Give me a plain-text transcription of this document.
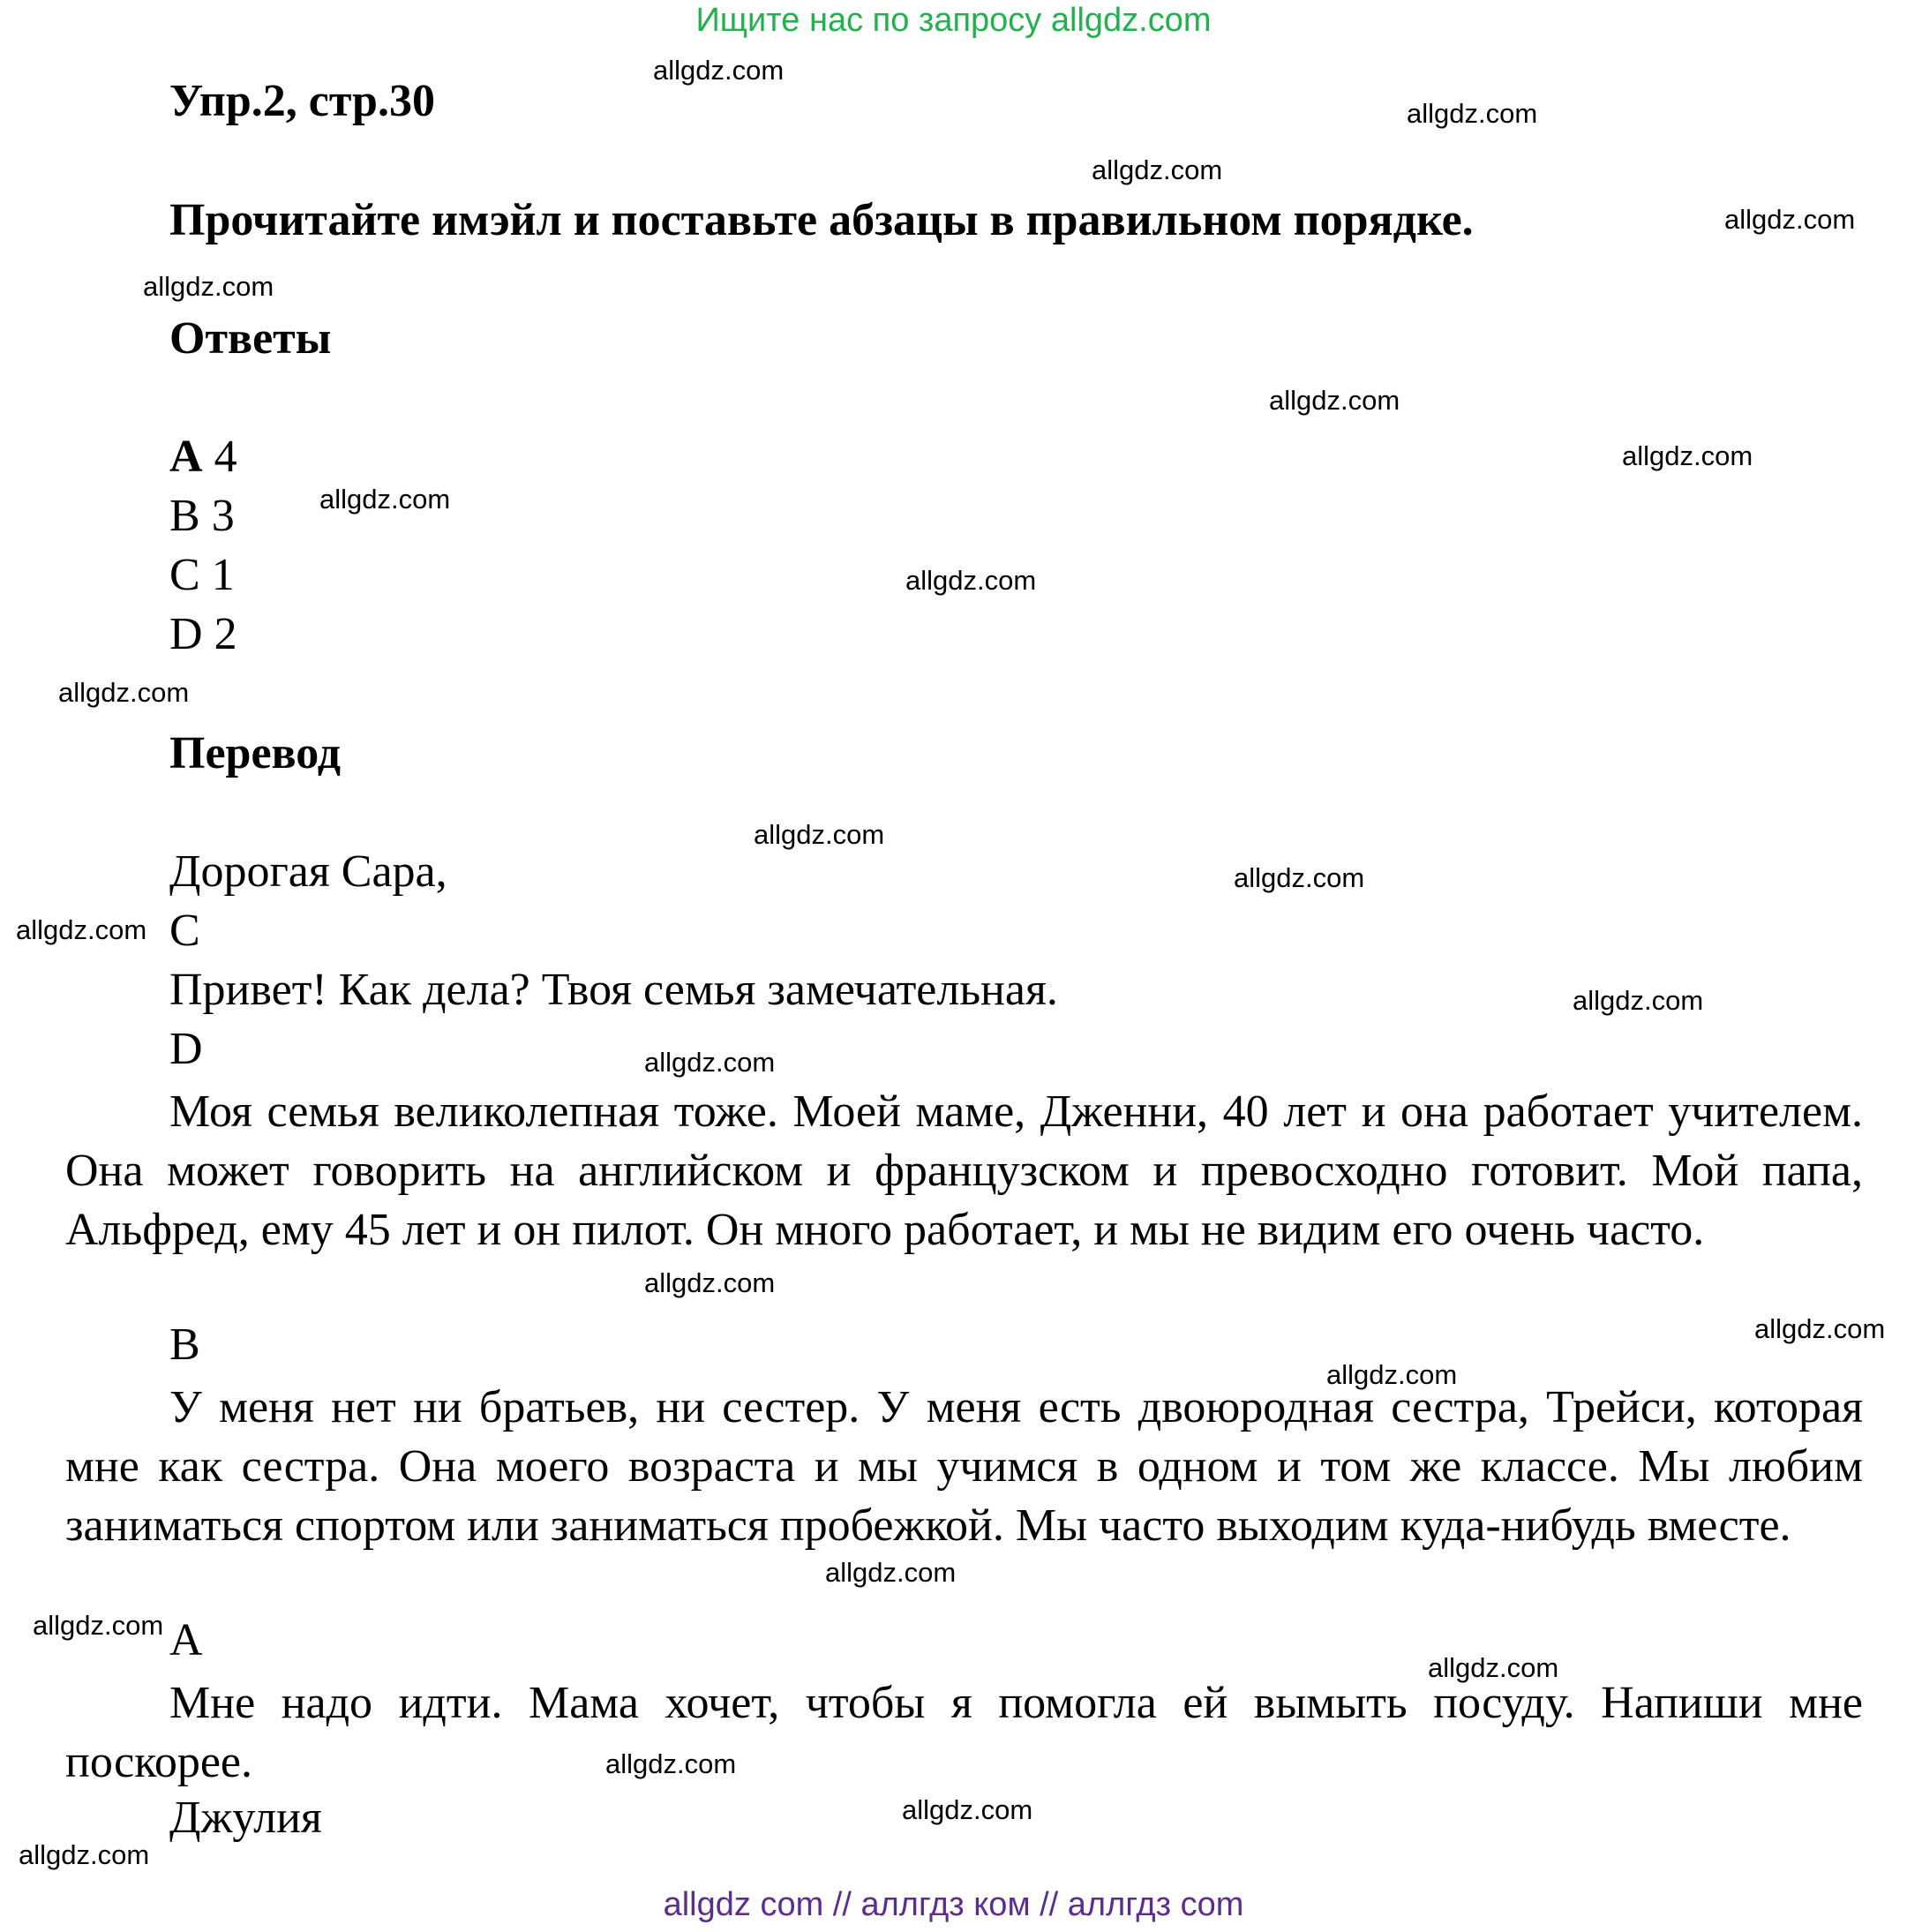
Ищите нас по запросу allgdz.com
Упр.2, стр.30
Прочитайте имэйл и поставьте абзацы в правильном порядке.
Ответы
A 4
B 3
C 1
D 2
Перевод
Дорогая Сара,
C
Привет! Как дела? Твоя семья замечательная.
D

Моя семья великолепная тоже. Моей маме, Дженни, 40 лет и она работает учителем. Она может говорить на английском и французском и превосходно готовит. Мой папа, Альфред, ему 45 лет и он пилот. Он много работает, и мы не видим его очень часто.

B

У меня нет ни братьев, ни сестер. У меня есть двоюродная сестра, Трейси, которая мне как сестра. Она моего возраста и мы учимся в одном и том же классе. Мы любим заниматься спортом или заниматься пробежкой. Мы часто выходим куда-нибудь вместе.

A

Мне надо идти. Мама хочет, чтобы я помогла ей вымыть посуду. Напиши мне поскорее.

Джулия
allgdz.com
allgdz.com
allgdz.com
allgdz.com
allgdz.com
allgdz.com
allgdz.com
allgdz.com
allgdz.com
allgdz.com
allgdz.com
allgdz.com
allgdz.com
allgdz.com
allgdz.com
allgdz.com
allgdz.com
allgdz.com
allgdz.com
allgdz.com
allgdz.com
allgdz.com
allgdz.com
allgdz.com
allgdz com // аллгдз ком // аллгдз com
